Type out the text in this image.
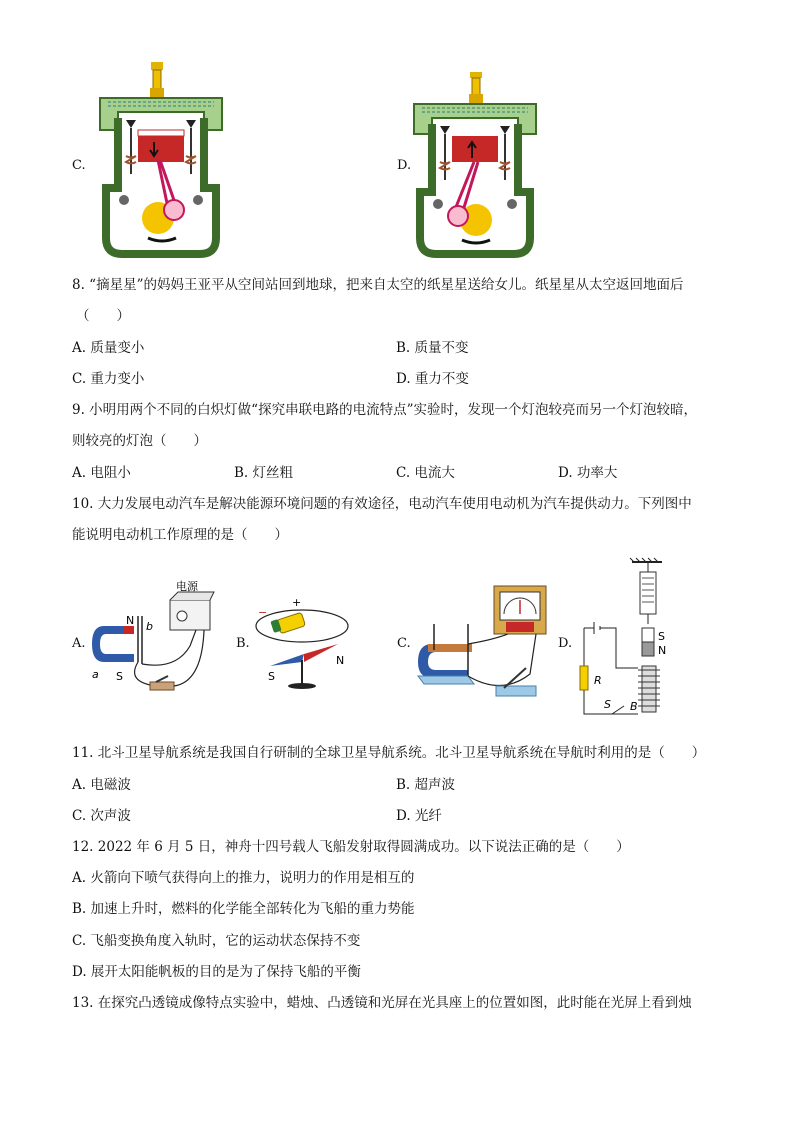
C.	D.
8. “摘星星”的妈妈王亚平从空间站回到地球，把来自太空的纸星星送给女儿。纸星星从太空返回地面后
（　　）
A. 质量变小	B. 质量不变
C. 重力变小	D. 重力不变
9. 小明用两个不同的白炽灯做“探究串联电路的电流特点”实验时，发现一个灯泡较亮而另一个灯泡较暗，
则较亮的灯泡（　　）
A. 电阻小	B. 灯丝粗	C. 电流大	D. 功率大
10. 大力发展电动汽车是解决能源环境问题的有效途径，电动汽车使用电动机为汽车提供动力。下列图中
能说明电动机工作原理的是（　　）
A.
N
S
b
a
电源
B.
+
−
S
N
C.	D.	S
N
R
S B
11. 北斗卫星导航系统是我国自行研制的全球卫星导航系统。北斗卫星导航系统在导航时利用的是（　　）
A. 电磁波	B. 超声波
C. 次声波	D. 光纤
12. 2022 年 6 月 5 日，神舟十四号载人飞船发射取得圆满成功。以下说法正确的是（　　）
A. 火箭向下喷气获得向上的推力，说明力的作用是相互的
B. 加速上升时，燃料的化学能全部转化为飞船的重力势能
C. 飞船变换角度入轨时，它的运动状态保持不变
D. 展开太阳能帆板的目的是为了保持飞船的平衡
13. 在探究凸透镜成像特点实验中，蜡烛、凸透镜和光屏在光具座上的位置如图，此时能在光屏上看到烛
